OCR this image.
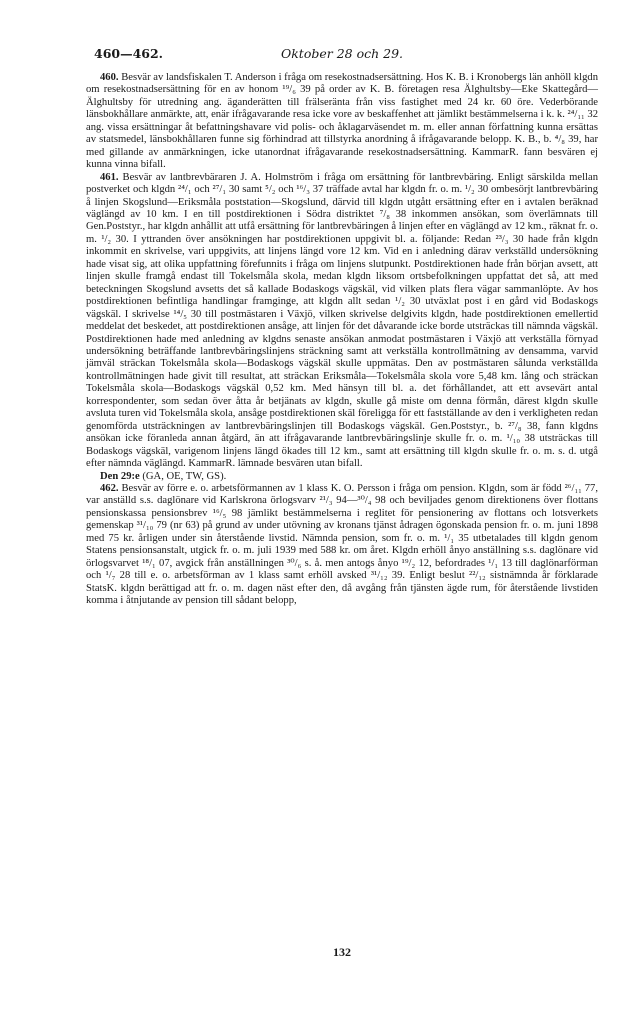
460—462.	Oktober 28 och 29.

460. Besvär av landsfiskalen T. Anderson i fråga om resekostnadsersättning. Hos K. B. i Kronobergs län anhöll klgdn om resekostnadsersättning för en av honom ¹⁹/₆ 39 på order av K. B. företagen resa Älghultsby—Eke Skattegård—Älghultsby för utredning ang. äganderätten till frälseränta från viss fastighet med 24 kr. 60 öre. Vederbörande länsbokhållare anmärkte, att, enär ifrågavarande resa icke vore av beskaffenhet att jämlikt bestämmelserna i k. k. ²⁴/₁₁ 32 ang. vissa ersättningar åt befattningshavare vid polis- och åklagarväsendet m. m. eller annan författning kunna ersättas av statsmedel, länsbokhållaren funne sig förhindrad att tillstyrka anordning å ifrågavarande belopp. K. B., b. ⁴/₈ 39, har med gillande av anmärkningen, icke utanordnat ifrågavarande resekostnadsersättning. KammarR. fann besvären ej kunna vinna bifall.

461. Besvär av lantbrevbäraren J. A. Holmström i fråga om ersättning för lantbrevbäring. Enligt särskilda mellan postverket och klgdn ²⁴/₁ och ²⁷/₁ 30 samt ⁵/₂ och ¹⁶/₃ 37 träffade avtal har klgdn fr. o. m. ¹/₂ 30 ombesörjt lantbrevbäring å linjen Skogslund—Eriksmåla poststation—Skogslund, därvid till klgdn utgått ersättning efter en i avtalen beräknad väglängd av 10 km. I en till postdirektionen i Södra distriktet ⁷/₈ 38 inkommen ansökan, som överlämnats till Gen.Poststyr., har klgdn anhållit att utfå ersättning för lantbrevbäringen å linjen efter en väglängd av 12 km., räknat fr. o. m. ¹/₂ 30. I yttranden över ansökningen har postdirektionen uppgivit bl. a. följande: Redan ²³/₃ 30 hade från klgdn inkommit en skrivelse, vari uppgivits, att linjens längd vore 12 km. Vid en i anledning därav verkställd undersökning hade visat sig, att olika uppfattning förefunnits i fråga om linjens slutpunkt. Postdirektionen hade från början avsett, att linjen skulle framgå endast till Tokelsmåla skola, medan klgdn liksom ortsbefolkningen uppfattat det så, att med beteckningen Skogslund avsetts det så kallade Bodaskogs vägskäl, vid vilken plats flera vägar sammanlöpte. Av hos postdirektionen befintliga handlingar framginge, att klgdn allt sedan ¹/₂ 30 utväxlat post i en gård vid Bodaskogs vägskäl. I skrivelse ¹⁴/₅ 30 till postmästaren i Växjö, vilken skrivelse delgivits klgdn, hade postdirektionen emellertid meddelat det beskedet, att postdirektionen ansåge, att linjen för det dåvarande icke borde utsträckas till nämnda vägskäl. Postdirektionen hade med anledning av klgdns senaste ansökan anmodat postmästaren i Växjö att verkställa förnyad undersökning beträffande lantbrevbäringslinjens sträckning samt att verkställa kontrollmätning av densamma, varvid jämväl sträckan Tokelsmåla skola—Bodaskogs vägskäl skulle uppmätas. Den av postmästaren sålunda verkställda kontrollmätningen hade givit till resultat, att sträckan Eriksmåla—Tokelsmåla skola vore 5,48 km. lång och sträckan Tokelsmåla skola—Bodaskogs vägskäl 0,52 km. Med hänsyn till bl. a. det förhållandet, att ett avsevärt antal korrespondenter, som sedan över åtta år betjänats av klgdn, skulle gå miste om denna förmån, därest klgdn skulle avsluta turen vid Tokelsmåla skola, ansåge postdirektionen skäl föreligga för ett fastställande av den i verkligheten redan genomförda utsträckningen av lantbrevbäringslinjen till Bodaskogs vägskäl. Gen.Poststyr., b. ²⁷/₈ 38, fann klgdns ansökan icke föranleda annan åtgärd, än att ifrågavarande lantbrevbäringslinje skulle fr. o. m. ¹/₁₀ 38 utsträckas till Bodaskogs vägskäl, varigenom linjens längd ökades till 12 km., samt att ersättning till klgdn skulle fr. o. m. s. d. utgå efter nämnda väglängd. KammarR. lämnade besvären utan bifall.

Den 29:e (GA, OE, TW, GS).

462. Besvär av förre e. o. arbetsförmannen av 1 klass K. O. Persson i fråga om pension. Klgdn, som är född ²⁶/₁₁ 77, var anställd s.s. daglönare vid Karlskrona örlogsvarv ²¹/₃ 94—³⁰/₄ 98 och beviljades genom direktionens över flottans pensionskassa pensionsbrev ¹⁶/₅ 98 jämlikt bestämmelserna i reglitet för pensionering av flottans och lotsverkets gemenskap ³¹/₁₀ 79 (nr 63) på grund av under utövning av kronans tjänst ådragen ögonskada pension fr. o. m. juni 1898 med 75 kr. årligen under sin återstående livstid. Nämnda pension, som fr. o. m. ¹/₁ 35 utbetalades till klgdn genom Statens pensionsanstalt, utgick fr. o. m. juli 1939 med 588 kr. om året. Klgdn erhöll ånyo anställning s.s. daglönare vid örlogsvarvet ¹⁸/₁ 07, avgick från anställningen ³⁰/₆ s. å. men antogs ånyo ¹⁹/₂ 12, befordrades ¹/₁ 13 till daglönarförman och ¹/₇ 28 till e. o. arbetsförman av 1 klass samt erhöll avsked ³¹/₁₂ 39. Enligt beslut ²²/₁₂ sistnämnda år förklarade StatsK. klgdn berättigad att fr. o. m. dagen näst efter den, då avgång från tjänsten ägde rum, för återstående livstiden komma i åtnjutande av pension till sådant belopp,

132
